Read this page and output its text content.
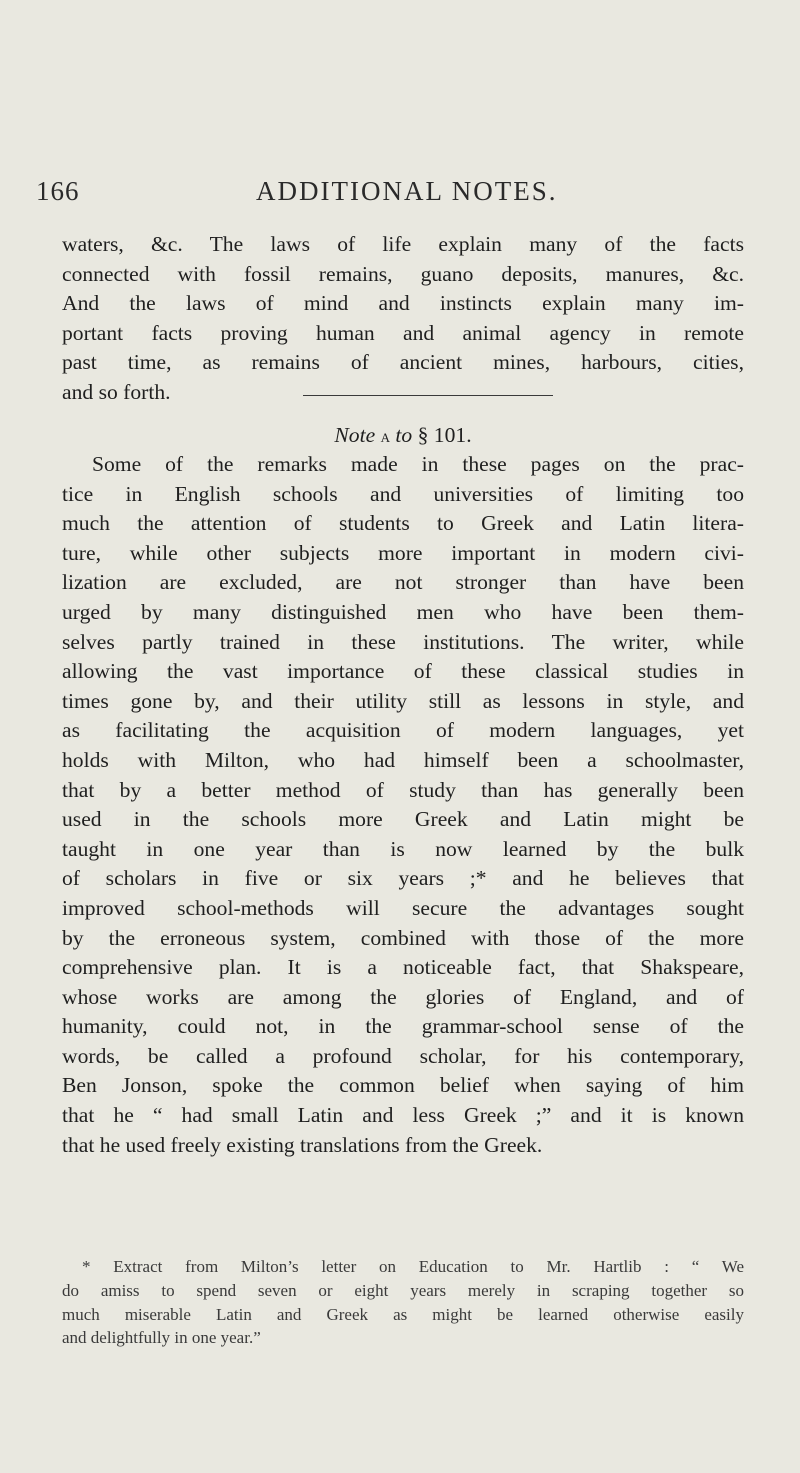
166	ADDITIONAL NOTES.
waters, &c. The laws of life explain many of the facts
connected with fossil remains, guano deposits, manures, &c.
And the laws of mind and instincts explain many im-
portant facts proving human and animal agency in remote
past time, as remains of ancient mines, harbours, cities,
and so forth.
Note a to § 101.
Some of the remarks made in these pages on the prac-
tice in English schools and universities of limiting too
much the attention of students to Greek and Latin litera-
ture, while other subjects more important in modern civi-
lization are excluded, are not stronger than have been
urged by many distinguished men who have been them-
selves partly trained in these institutions. The writer, while
allowing the vast importance of these classical studies in
times gone by, and their utility still as lessons in style, and
as facilitating the acquisition of modern languages, yet
holds with Milton, who had himself been a schoolmaster,
that by a better method of study than has generally been
used in the schools more Greek and Latin might be
taught in one year than is now learned by the bulk
of scholars in five or six years ;* and he believes that
improved school-methods will secure the advantages sought
by the erroneous system, combined with those of the more
comprehensive plan. It is a noticeable fact, that Shakspeare,
whose works are among the glories of England, and of
humanity, could not, in the grammar-school sense of the
words, be called a profound scholar, for his contemporary,
Ben Jonson, spoke the common belief when saying of him
that he “ had small Latin and less Greek ;” and it is known
that he used freely existing translations from the Greek.
* Extract from Milton’s letter on Education to Mr. Hartlib : “ We
do amiss to spend seven or eight years merely in scraping together so
much miserable Latin and Greek as might be learned otherwise easily
and delightfully in one year.”
